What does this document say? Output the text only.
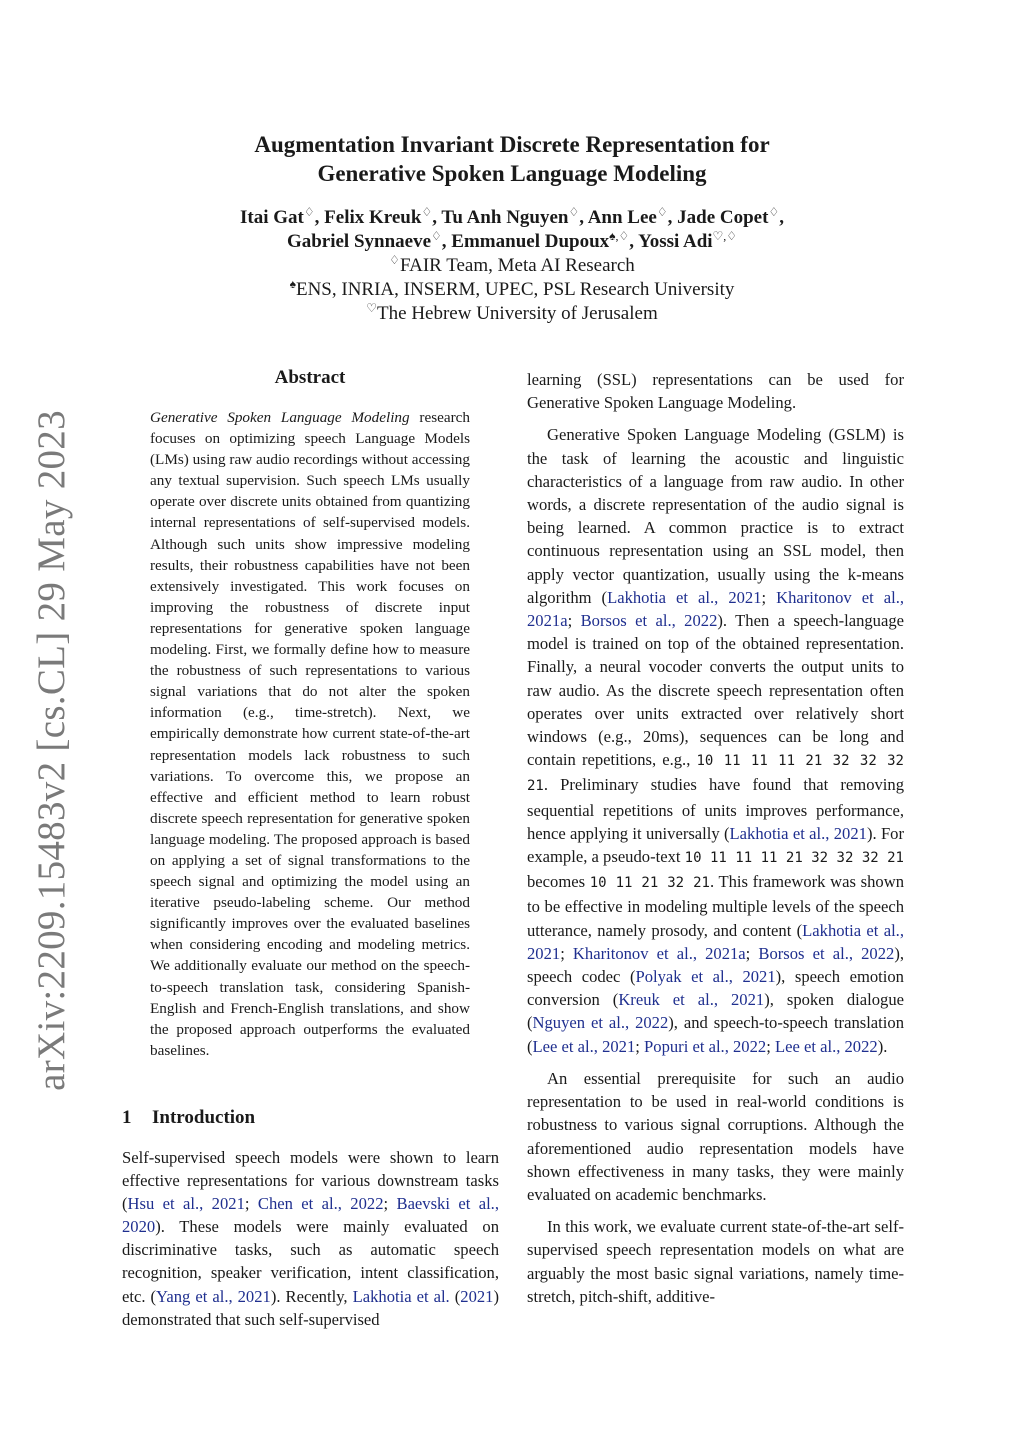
arXiv:2209.15483v2 [cs.CL] 29 May 2023
Augmentation Invariant Discrete Representation for
Generative Spoken Language Modeling
Itai Gat♢, Felix Kreuk♢, Tu Anh Nguyen♢, Ann Lee♢, Jade Copet♢,
Gabriel Synnaeve♢, Emmanuel Dupoux♠,♢, Yossi Adi♡,♢
♢FAIR Team, Meta AI Research
♠ENS, INRIA, INSERM, UPEC, PSL Research University
♡The Hebrew University of Jerusalem
Abstract
Generative Spoken Language Modeling research focuses on optimizing speech Language Models (LMs) using raw audio recordings without accessing any textual supervision. Such speech LMs usually operate over discrete units obtained from quantizing internal representations of self-supervised models. Although such units show impressive modeling results, their robustness capabilities have not been extensively investigated. This work focuses on improving the robustness of discrete input representations for generative spoken language modeling. First, we formally define how to measure the robustness of such representations to various signal variations that do not alter the spoken information (e.g., time-stretch). Next, we empirically demonstrate how current state-of-the-art representation models lack robustness to such variations. To overcome this, we propose an effective and efficient method to learn robust discrete speech representation for generative spoken language modeling. The proposed approach is based on applying a set of signal transformations to the speech signal and optimizing the model using an iterative pseudo-labeling scheme. Our method significantly improves over the evaluated baselines when considering encoding and modeling metrics. We additionally evaluate our method on the speech-to-speech translation task, considering Spanish-English and French-English translations, and show the proposed approach outperforms the evaluated baselines.
1 Introduction
Self-supervised speech models were shown to learn effective representations for various downstream tasks (Hsu et al., 2021; Chen et al., 2022; Baevski et al., 2020). These models were mainly evaluated on discriminative tasks, such as automatic speech recognition, speaker verification, intent classification, etc. (Yang et al., 2021). Recently, Lakhotia et al. (2021) demonstrated that such self-supervised

learning (SSL) representations can be used for Generative Spoken Language Modeling.

Generative Spoken Language Modeling (GSLM) is the task of learning the acoustic and linguistic characteristics of a language from raw audio. In other words, a discrete representation of the audio signal is being learned. A common practice is to extract continuous representation using an SSL model, then apply vector quantization, usually using the k-means algorithm (Lakhotia et al., 2021; Kharitonov et al., 2021a; Borsos et al., 2022). Then a speech-language model is trained on top of the obtained representation. Finally, a neural vocoder converts the output units to raw audio. As the discrete speech representation often operates over units extracted over relatively short windows (e.g., 20ms), sequences can be long and contain repetitions, e.g., 10 11 11 11 21 32 32 32 21. Preliminary studies have found that removing sequential repetitions of units improves performance, hence applying it universally (Lakhotia et al., 2021). For example, a pseudo-text 10 11 11 11 21 32 32 32 21 becomes 10 11 21 32 21. This framework was shown to be effective in modeling multiple levels of the speech utterance, namely prosody, and content (Lakhotia et al., 2021; Kharitonov et al., 2021a; Borsos et al., 2022), speech codec (Polyak et al., 2021), speech emotion conversion (Kreuk et al., 2021), spoken dialogue (Nguyen et al., 2022), and speech-to-speech translation (Lee et al., 2021; Popuri et al., 2022; Lee et al., 2022).

An essential prerequisite for such an audio representation to be used in real-world conditions is robustness to various signal corruptions. Although the aforementioned audio representation models have shown effectiveness in many tasks, they were mainly evaluated on academic benchmarks.

In this work, we evaluate current state-of-the-art self-supervised speech representation models on what are arguably the most basic signal variations, namely time-stretch, pitch-shift, additive-
